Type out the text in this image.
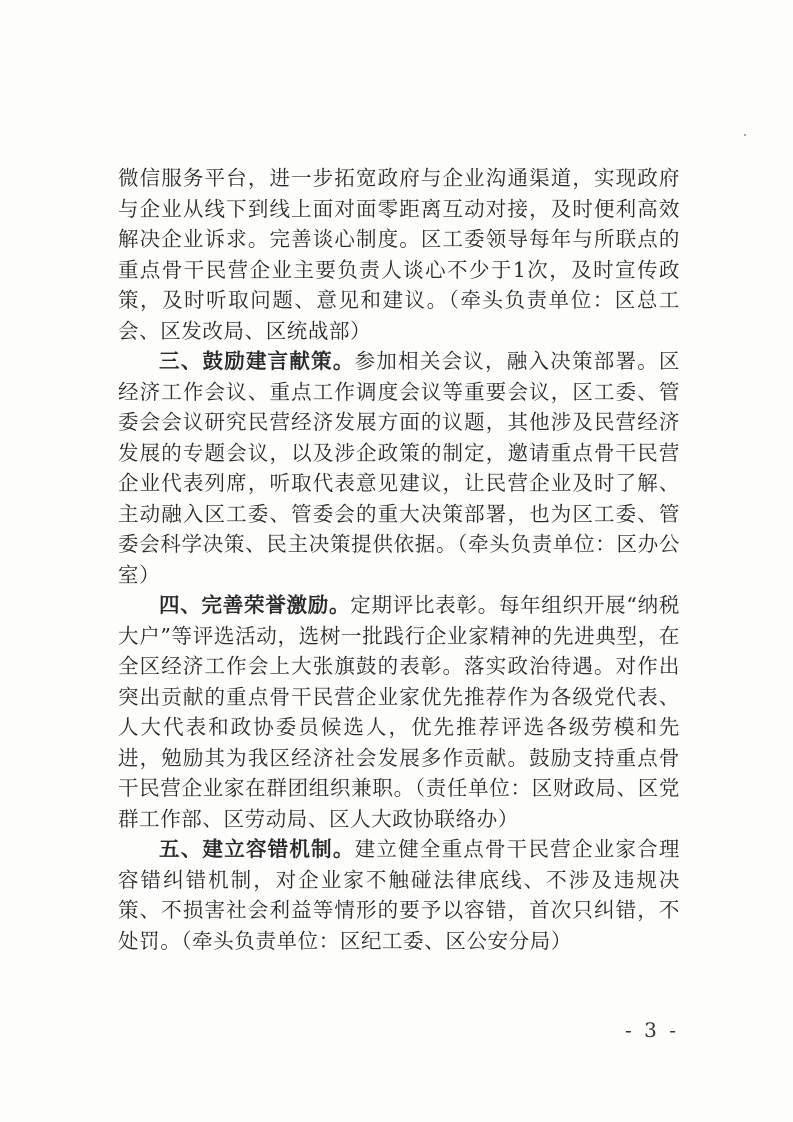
微信服务平台，进一步拓宽政府与企业沟通渠道，实现政府与企业从线下到线上面对面零距离互动对接，及时便利高效解决企业诉求。完善谈心制度。区工委领导每年与所联点的重点骨干民营企业主要负责人谈心不少于1次，及时宣传政策，及时听取问题、意见和建议。（牵头负责单位：区总工会、区发改局、区统战部）

三、鼓励建言献策。参加相关会议，融入决策部署。区经济工作会议、重点工作调度会议等重要会议，区工委、管委会会议研究民营经济发展方面的议题，其他涉及民营经济发展的专题会议，以及涉企政策的制定，邀请重点骨干民营企业代表列席，听取代表意见建议，让民营企业及时了解、主动融入区工委、管委会的重大决策部署，也为区工委、管委会科学决策、民主决策提供依据。（牵头负责单位：区办公室）

四、完善荣誉激励。定期评比表彰。每年组织开展“纳税大户”等评选活动，选树一批践行企业家精神的先进典型，在全区经济工作会上大张旗鼓的表彰。落实政治待遇。对作出突出贡献的重点骨干民营企业家优先推荐作为各级党代表、人大代表和政协委员候选人，优先推荐评选各级劳模和先进，勉励其为我区经济社会发展多作贡献。鼓励支持重点骨干民营企业家在群团组织兼职。（责任单位：区财政局、区党群工作部、区劳动局、区人大政协联络办）

五、建立容错机制。建立健全重点骨干民营企业家合理容错纠错机制，对企业家不触碰法律底线、不涉及违规决策、不损害社会利益等情形的要予以容错，首次只纠错，不处罚。（牵头负责单位：区纪工委、区公安分局）

- 3 -
